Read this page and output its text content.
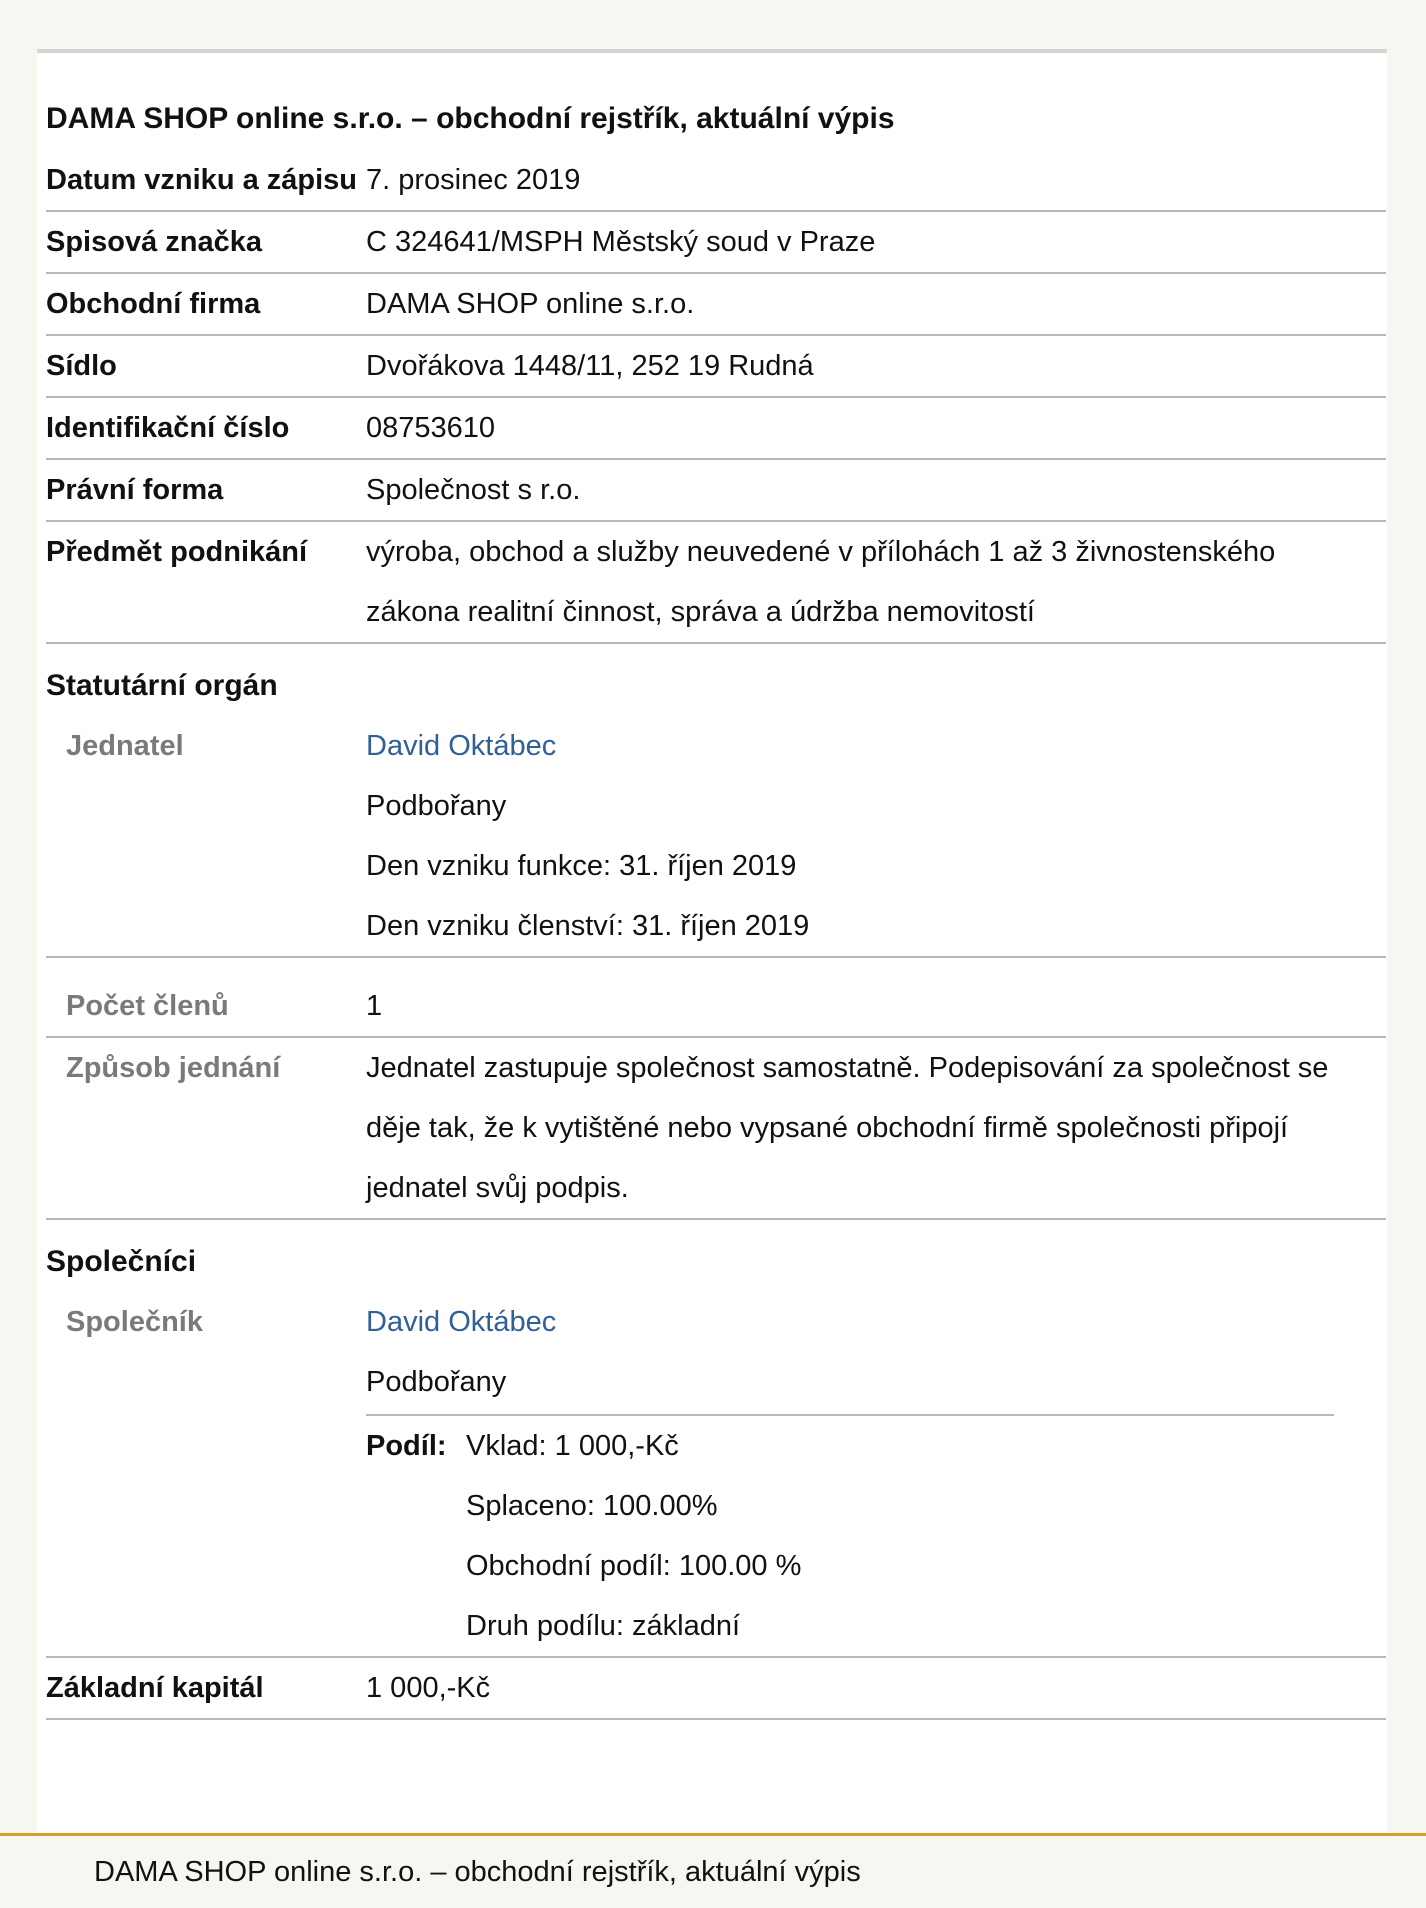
DAMA SHOP online s.r.o. – obchodní rejstřík, aktuální výpis
Datum vzniku a zápisu 7. prosinec 2019
Spisová značka	C 324641/MSPH Městský soud v Praze
Obchodní firma	DAMA SHOP online s.r.o.
Sídlo	Dvořákova 1448/11, 252 19 Rudná
Identifikační číslo	08753610
Právní forma	Společnost s r.o.
Předmět podnikání	výroba, obchod a služby neuvedené v přílohách 1 až 3 živnostenského zákona realitní činnost, správa a údržba nemovitostí
Statutární orgán
Jednatel	David Oktábec
Podbořany
Den vzniku funkce: 31. říjen 2019
Den vzniku členství: 31. říjen 2019
Počet členů	1
Způsob jednání	Jednatel zastupuje společnost samostatně. Podepisování za společnost se děje tak, že k vytištěné nebo vypsané obchodní firmě společnosti připojí jednatel svůj podpis.
Společníci
Společník	David Oktábec
Podbořany
Podíl: Vklad: 1 000,-Kč
Splaceno: 100.00%
Obchodní podíl: 100.00 %
Druh podílu: základní
Základní kapitál	1 000,-Kč
DAMA SHOP online s.r.o. – obchodní rejstřík, aktuální výpis
